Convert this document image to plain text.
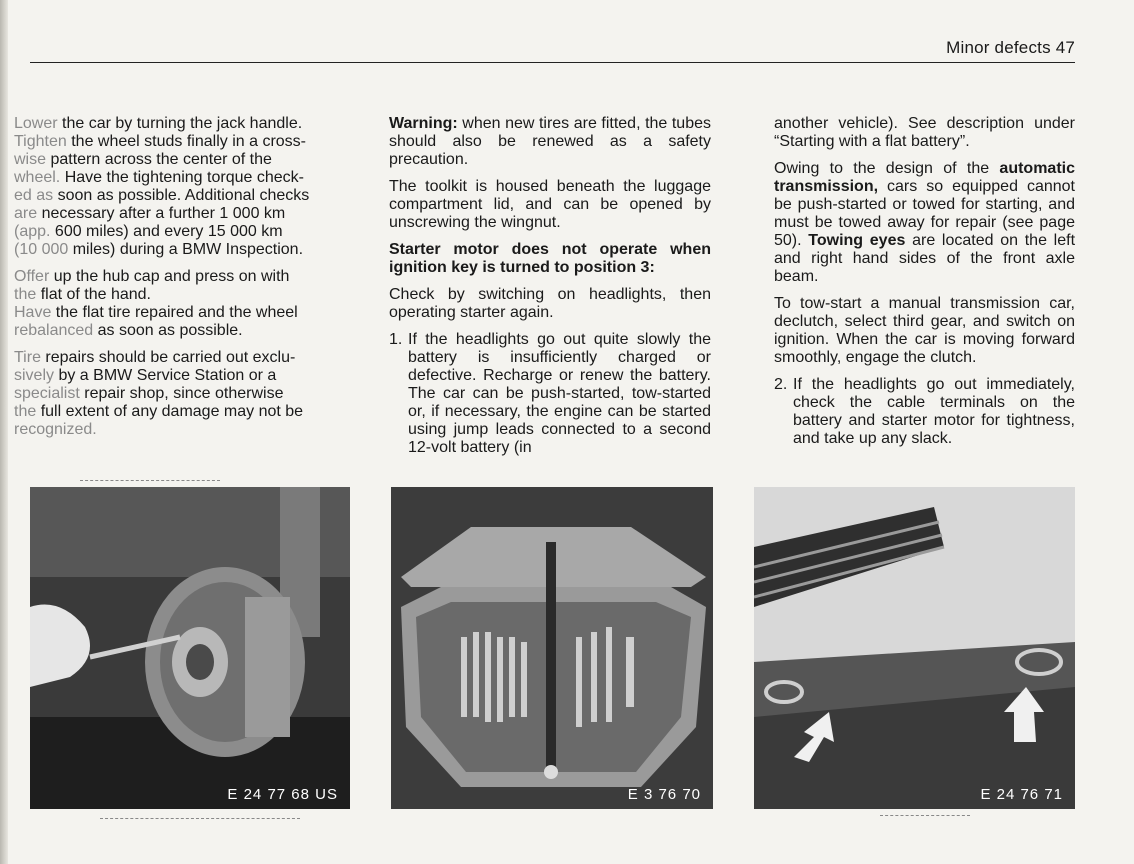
Minor defects 47

Lower the car by turning the jack handle.
Tighten the wheel studs finally in a cross-
wise pattern across the center of the
wheel. Have the tightening torque check-
ed as soon as possible. Additional checks
are necessary after a further 1 000 km
(app. 600 miles) and every 15 000 km
(10 000 miles) during a BMW Inspection.

Offer up the hub cap and press on with
the flat of the hand.
Have the flat tire repaired and the wheel
rebalanced as soon as possible.

Tire repairs should be carried out exclu-
sively by a BMW Service Station or a
specialist repair shop, since otherwise
the full extent of any damage may not be
recognized.

Warning: when new tires are fitted, the tubes should also be renewed as a safety precaution.

The toolkit is housed beneath the luggage compartment lid, and can be opened by unscrewing the wingnut.

Starter motor does not operate when ignition key is turned to position 3:

Check by switching on headlights, then operating starter again.

1. If the headlights go out quite slowly the battery is insufficiently charged or defective. Recharge or renew the battery. The car can be push-started, tow-started or, if necessary, the engine can be started using jump leads connected to a second 12-volt battery (in

another vehicle). See description under “Starting with a flat battery”.

Owing to the design of the automatic transmission, cars so equipped cannot be push-started or towed for starting, and must be towed away for repair (see page 50). Towing eyes are located on the left and right hand sides of the front axle beam.

To tow-start a manual transmission car, declutch, select third gear, and switch on ignition. When the car is moving forward smoothly, engage the clutch.

2. If the headlights go out immediately, check the cable terminals on the battery and starter motor for tightness, and take up any slack.
E 24 77 68 US	E 3 76 70	E 24 76 71
